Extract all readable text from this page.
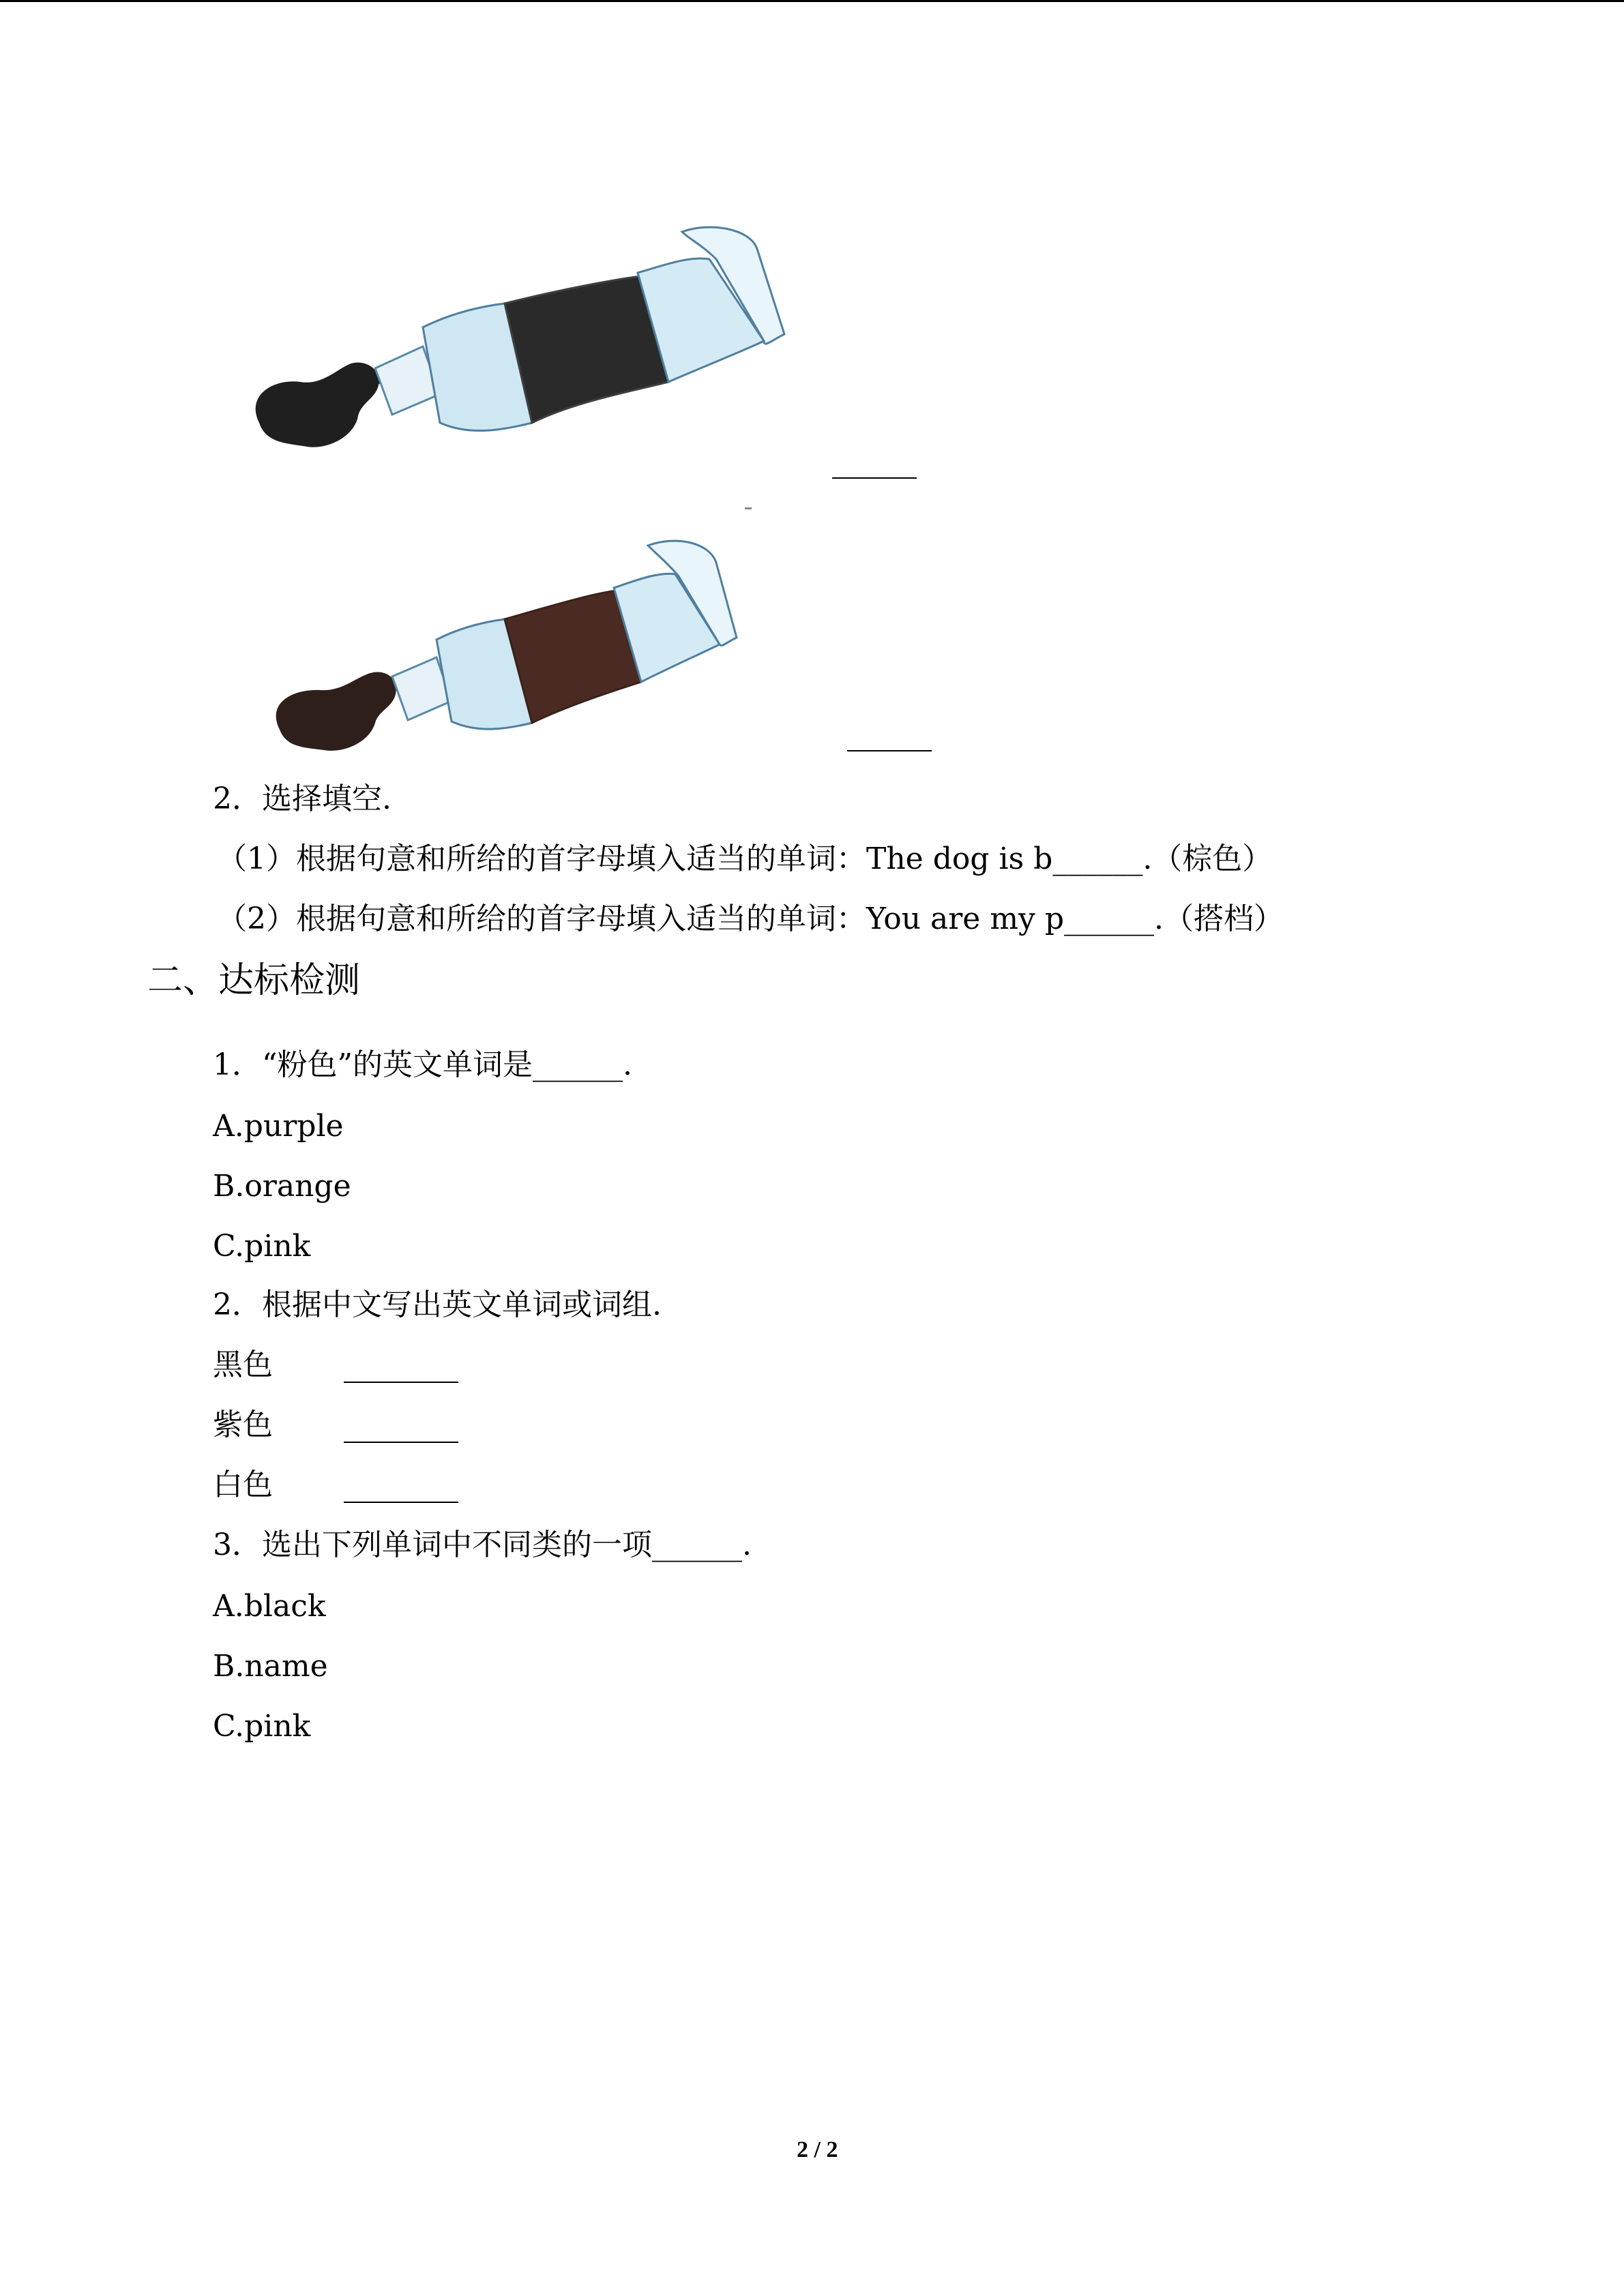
2．选择填空.
（1）根据句意和所给的首字母填入适当的单词：The dog is b______.（棕色）
（2）根据句意和所给的首字母填入适当的单词：You are my p______.（搭档）
二、达标检测
1．“粉色”的英文单词是______.
A.purple
B.orange
C.pink
2．根据中文写出英文单词或词组.
黑色
紫色
白色
3．选出下列单词中不同类的一项______.
A.black
B.name
C.pink
2 / 2
